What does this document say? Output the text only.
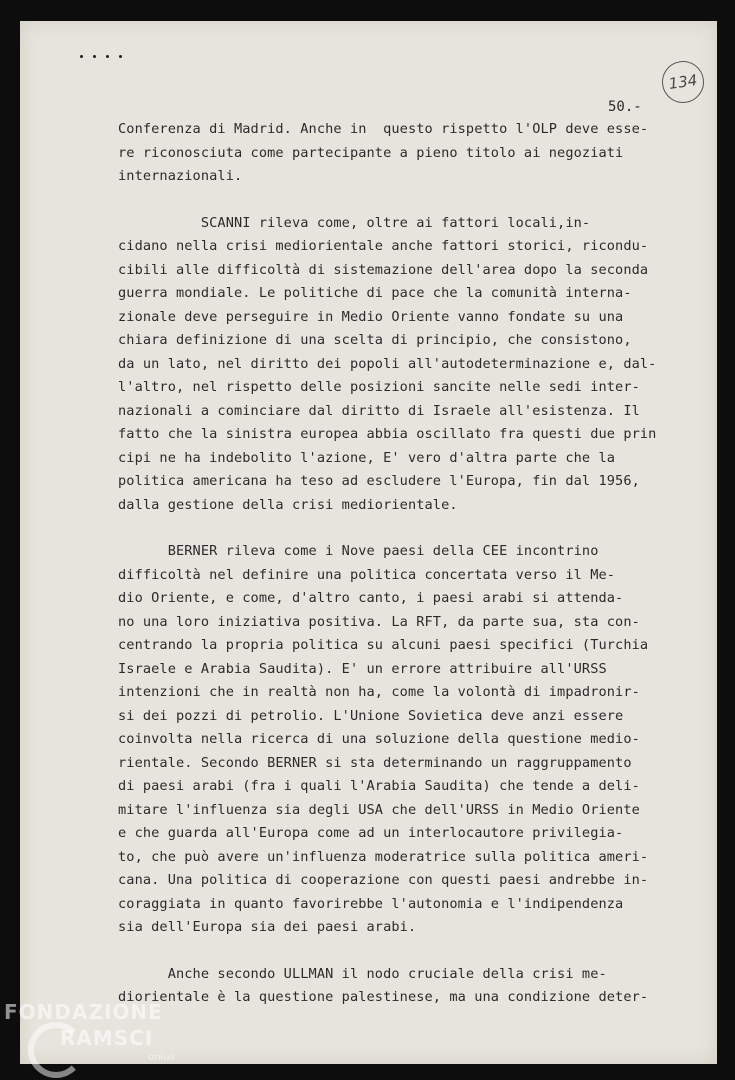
134
50.-

Conferenza di Madrid. Anche in  questo rispetto l'OLP deve esse-

re riconosciuta come partecipante a pieno titolo ai negoziati

internazionali.

SCANNI rileva come, oltre ai fattori locali,in-

cidano nella crisi mediorientale anche fattori storici, ricondu-

cibili alle difficoltà di sistemazione dell'area dopo la seconda

guerra mondiale. Le politiche di pace che la comunità interna-

zionale deve perseguire in Medio Oriente vanno fondate su una

chiara definizione di una scelta di principio, che consistono,

da un lato, nel diritto dei popoli all'autodeterminazione e, dal-

l'altro, nel rispetto delle posizioni sancite nelle sedi inter-

nazionali a cominciare dal diritto di Israele all'esistenza. Il

fatto che la sinistra europea abbia oscillato fra questi due prin

cipi ne ha indebolito l'azione, E' vero d'altra parte che la

politica americana ha teso ad escludere l'Europa, fin dal 1956,

dalla gestione della crisi mediorientale.

BERNER rileva come i Nove paesi della CEE incontrino

difficoltà nel definire una politica concertata verso il Me-

dio Oriente, e come, d'altro canto, i paesi arabi si attenda-

no una loro iniziativa positiva. La RFT, da parte sua, sta con-

centrando la propria politica su alcuni paesi specifici (Turchia

Israele e Arabia Saudita). E' un errore attribuire all'URSS

intenzioni che in realtà non ha, come la volontà di impadronir-

si dei pozzi di petrolio. L'Unione Sovietica deve anzi essere

coinvolta nella ricerca di una soluzione della questione medio-

rientale. Secondo BERNER si sta determinando un raggruppamento

di paesi arabi (fra i quali l'Arabia Saudita) che tende a deli-

mitare l'influenza sia degli USA che dell'URSS in Medio Oriente

e che guarda all'Europa come ad un interlocautore privilegia-

to, che può avere un'influenza moderatrice sulla politica ameri-

cana. Una politica di cooperazione con questi paesi andrebbe in-

coraggiata in quanto favorirebbe l'autonomia e l'indipendenza

sia dell'Europa sia dei paesi arabi.

Anche secondo ULLMAN il nodo cruciale della crisi me-

diorientale è la questione palestinese, ma una condizione deter-

FONDAZIONE
RAMSCI
onlus
